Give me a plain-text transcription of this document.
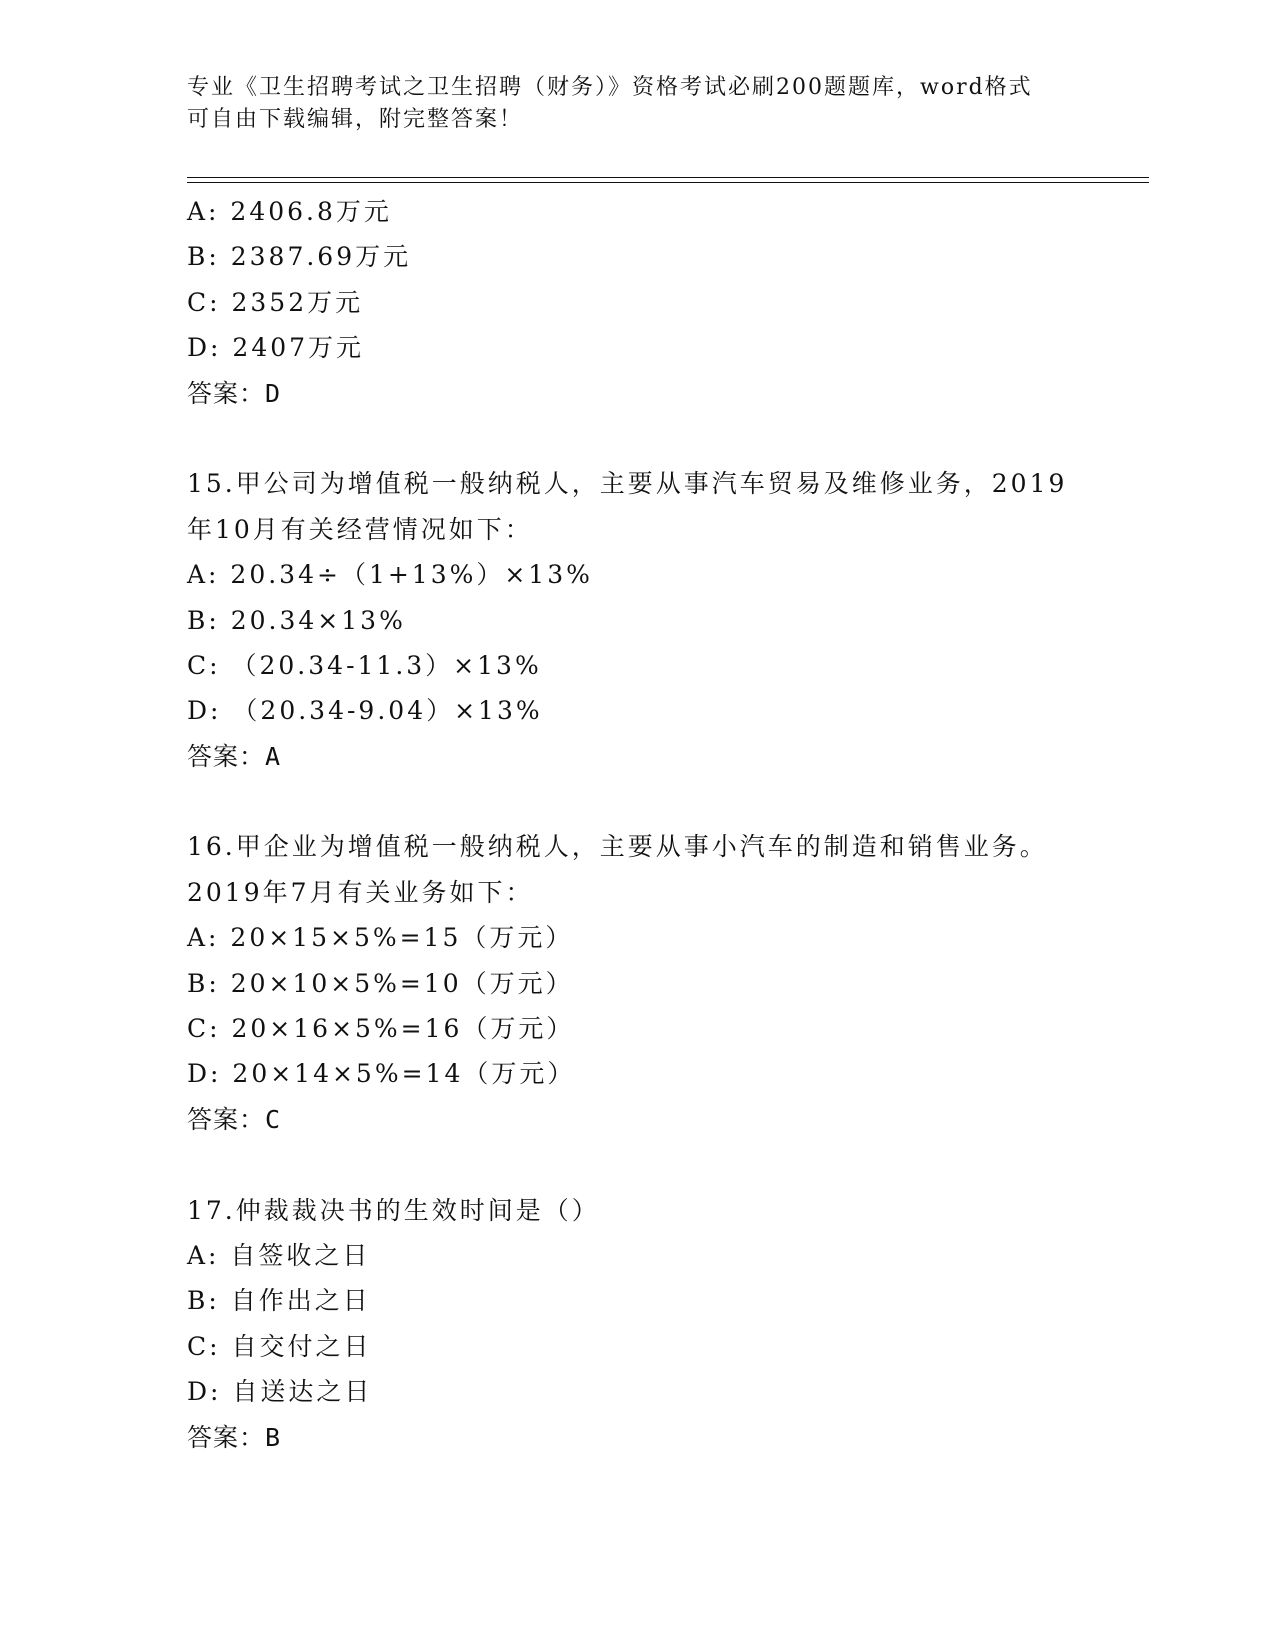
专业《卫生招聘考试之卫生招聘（财务）》资格考试必刷200题题库，word格式
可自由下载编辑，附完整答案！
A: 2406.8万元
B: 2387.69万元
C: 2352万元
D: 2407万元
答案：D
15.甲公司为增值税一般纳税人，主要从事汽车贸易及维修业务，2019
年10月有关经营情况如下：
A: 20.34÷（1+13%）×13%
B: 20.34×13%
C: （20.34-11.3）×13%
D: （20.34-9.04）×13%
答案：A
16.甲企业为增值税一般纳税人，主要从事小汽车的制造和销售业务。
2019年7月有关业务如下：
A: 20×15×5%=15（万元）
B: 20×10×5%=10（万元）
C: 20×16×5%=16（万元）
D: 20×14×5%=14（万元）
答案：C
17.仲裁裁决书的生效时间是（）
A: 自签收之日
B: 自作出之日
C: 自交付之日
D: 自送达之日
答案：B
